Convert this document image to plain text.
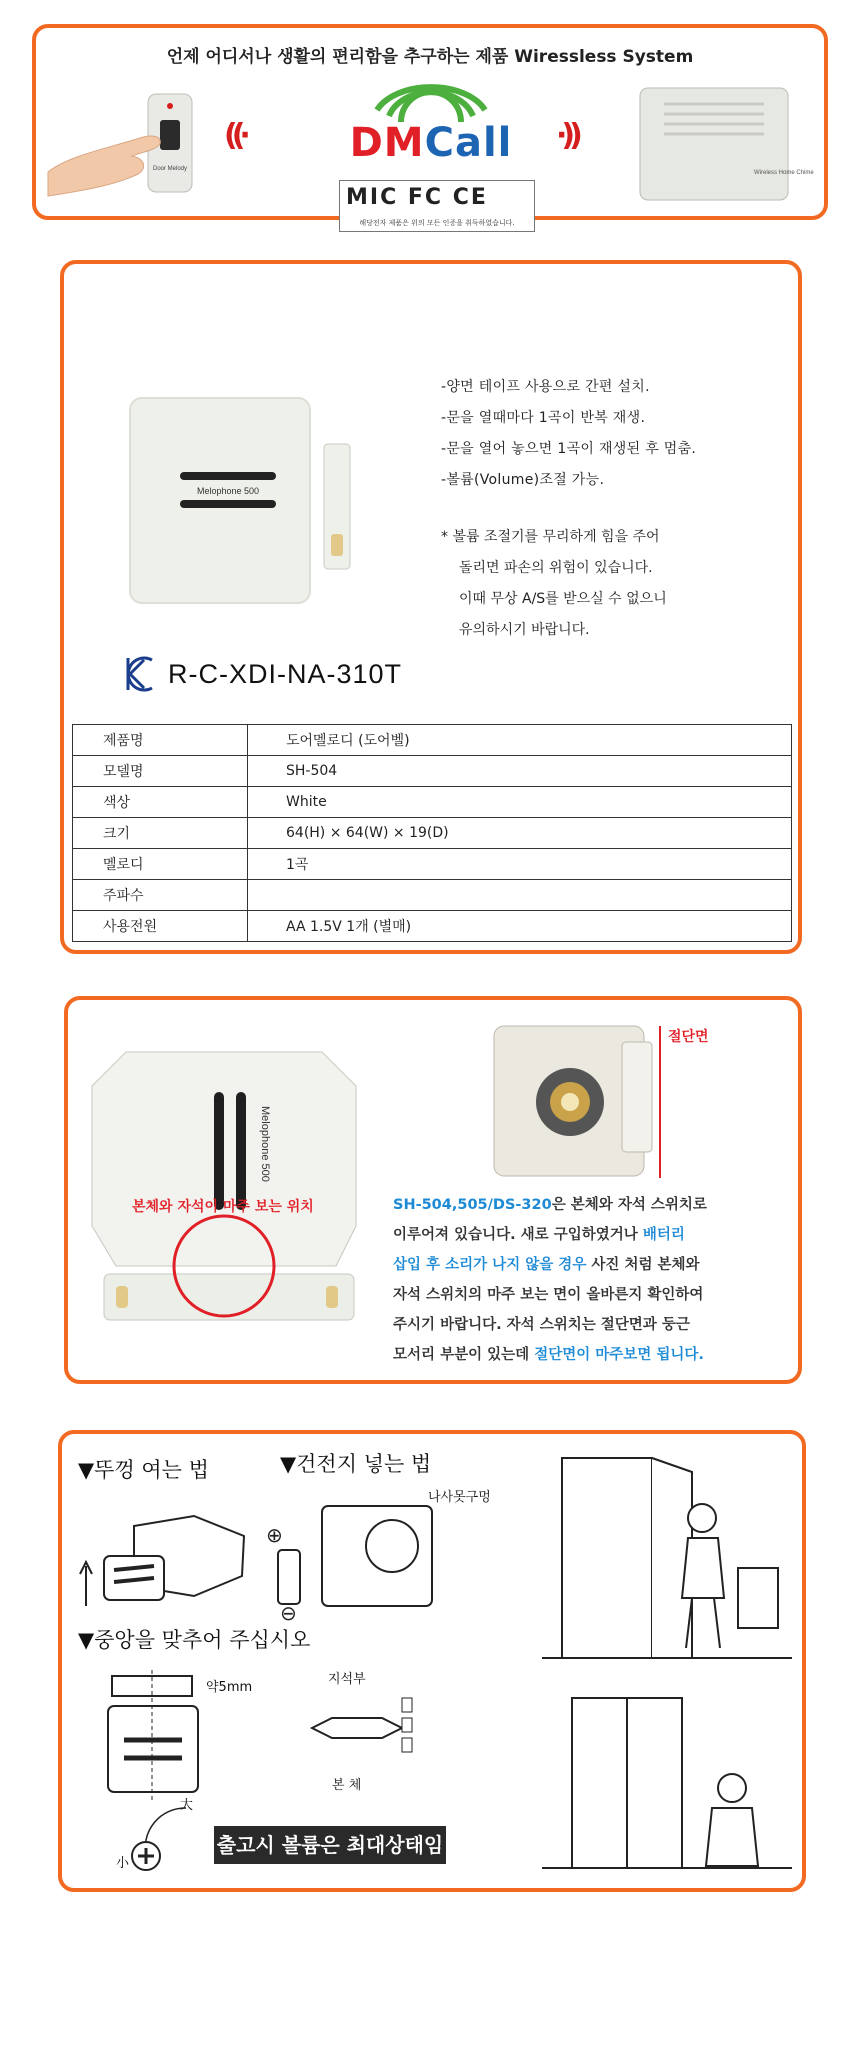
언제 어디서나 생활의 편리함을 추구하는 제품 Wiressless System
Door Melody
((·	DMCall
MIC FC CE
해당전자 제품은 위의 모든 인증을 취득하였습니다.
·))
Wireless Home Chime
Melophone 500

-양면 테이프 사용으로 간편 설치.

-문을 열때마다 1곡이 반복 재생.

-문을 열어 놓으면 1곡이 재생된 후 멈춤.

-볼륨(Volume)조절 가능.

* 볼륨 조절기를 무리하게 힘을 주어

돌리면 파손의 위험이 있습니다.

이때 무상 A/S를 받으실 수 없으니

유의하시기 바랍니다.

R-C-XDI-NA-310T
제품명	도어멜로디 (도어벨)
모델명	SH-504
색상	White
크기	64(H) × 64(W) × 19(D)
멜로디	1곡
주파수	
사용전원	AA 1.5V 1개 (별매)
Melophone 500
본체와 자석이 마주 보는 위치
절단면

SH-504,505/DS-320은 본체와 자석 스위치로

이루어져 있습니다. 새로 구입하였거나 배터리

삽입 후 소리가 나지 않을 경우 사진 처럼 본체와

자석 스위치의 마주 보는 면이 올바른지 확인하여

주시기 바랍니다. 자석 스위치는 절단면과 둥근

모서리 부분이 있는데 절단면이 마주보면 됩니다.

▼뚜껑 여는 법	▼건전지 넣는 법
나사못구멍
⊕
⊖
▼중앙을 맞추어 주십시오
약5mm
지석부
본 체
大
小
출고시 볼륨은 최대상태임
